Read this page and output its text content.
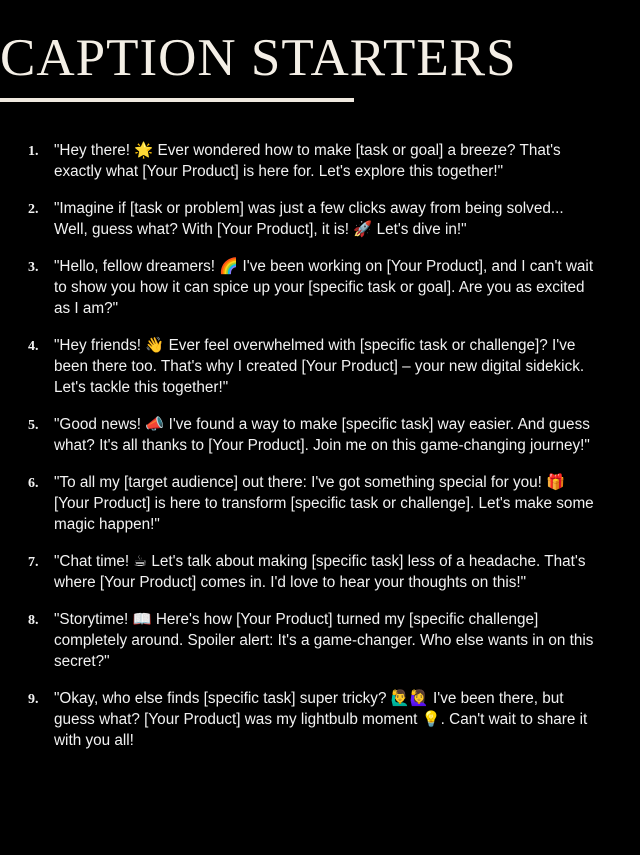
CAPTION STARTERS
1. "Hey there! 🌟 Ever wondered how to make [task or goal] a breeze? That's exactly what [Your Product] is here for. Let's explore this together!"
2. "Imagine if [task or problem] was just a few clicks away from being solved... Well, guess what? With [Your Product], it is! 🚀 Let's dive in!"
3. "Hello, fellow dreamers! 🌈 I've been working on [Your Product], and I can't wait to show you how it can spice up your [specific task or goal]. Are you as excited as I am?"
4. "Hey friends! 👋 Ever feel overwhelmed with [specific task or challenge]? I've been there too. That's why I created [Your Product] – your new digital sidekick. Let's tackle this together!"
5. "Good news! 📣 I've found a way to make [specific task] way easier. And guess what? It's all thanks to [Your Product]. Join me on this game-changing journey!"
6. "To all my [target audience] out there: I've got something special for you! 🎁 [Your Product] is here to transform [specific task or challenge]. Let's make some magic happen!"
7. "Chat time! ☕ Let's talk about making [specific task] less of a headache. That's where [Your Product] comes in. I'd love to hear your thoughts on this!"
8. "Storytime! 📖 Here's how [Your Product] turned my [specific challenge] completely around. Spoiler alert: It's a game-changer. Who else wants in on this secret?"
9. "Okay, who else finds [specific task] super tricky? 🙋‍♂️🙋‍♀️ I've been there, but guess what? [Your Product] was my lightbulb moment 💡. Can't wait to share it with you all!
